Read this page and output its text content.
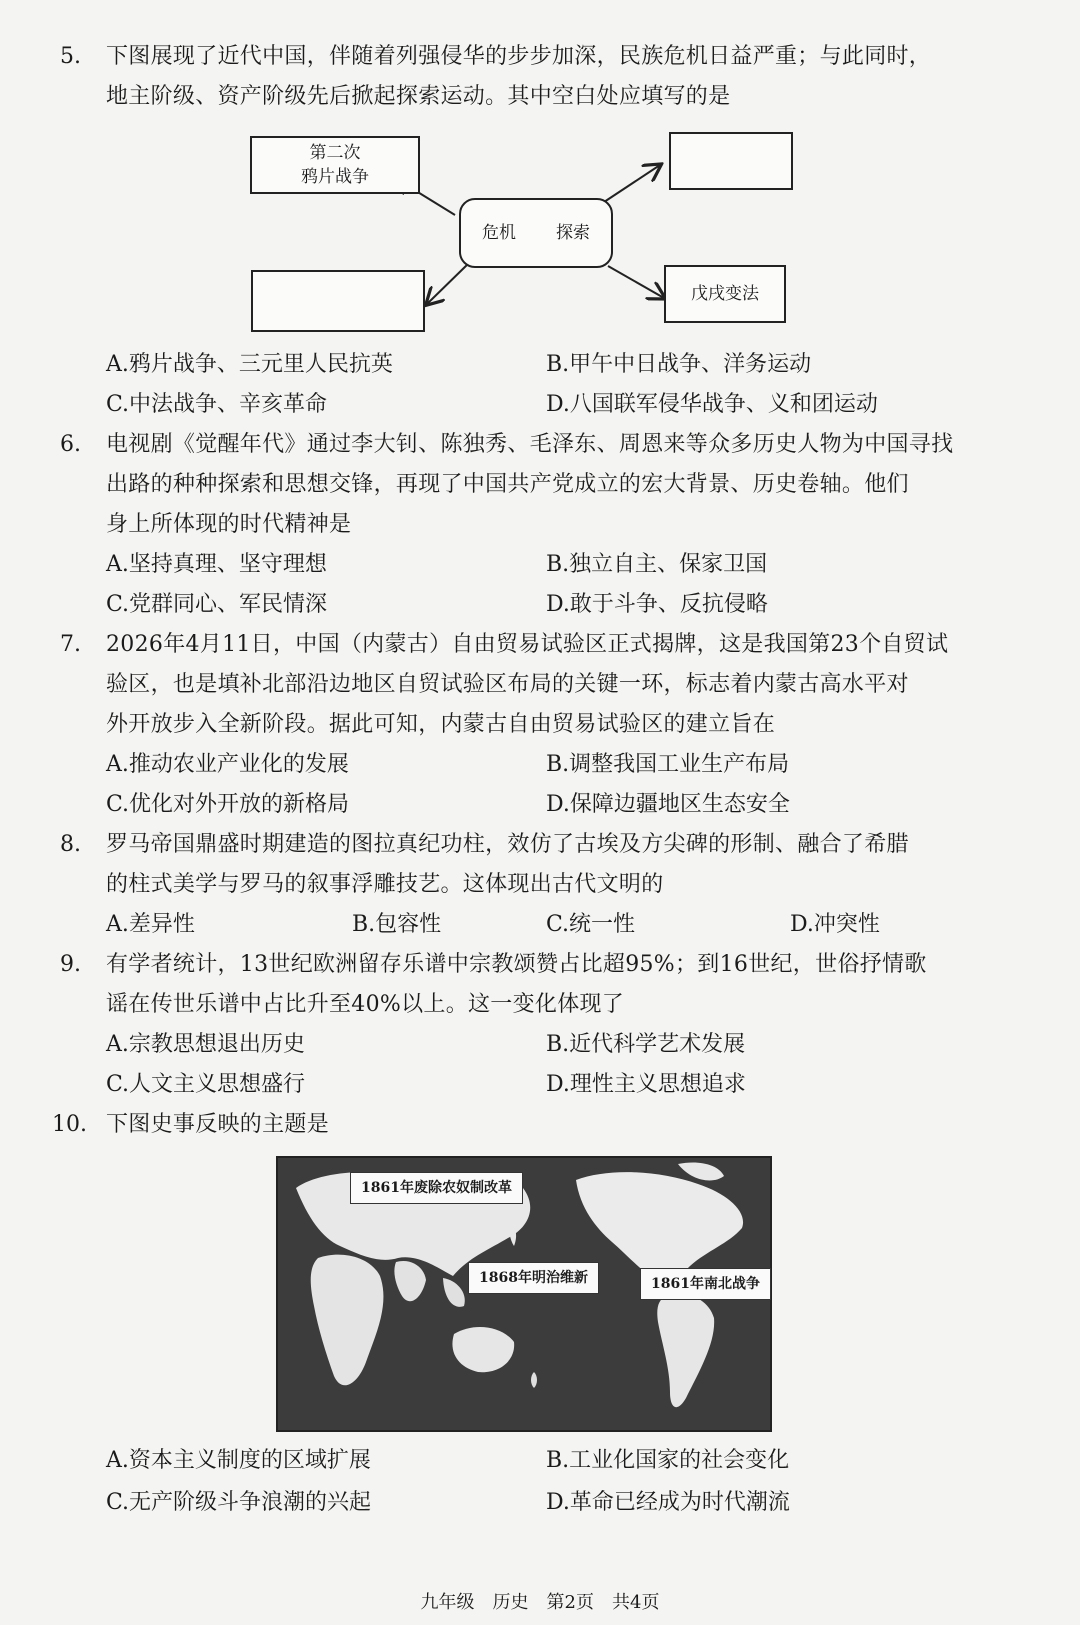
5. 下图展现了近代中国，伴随着列强侵华的步步加深，民族危机日益严重；与此同时，
地主阶级、资产阶级先后掀起探索运动。其中空白处应填写的是
第二次
鸦片战争
危机 探索
戊戌变法
A.鸦片战争、三元里人民抗英	B.甲午中日战争、洋务运动
C.中法战争、辛亥革命	D.八国联军侵华战争、义和团运动
6. 电视剧《觉醒年代》通过李大钊、陈独秀、毛泽东、周恩来等众多历史人物为中国寻找
出路的种种探索和思想交锋，再现了中国共产党成立的宏大背景、历史卷轴。他们
身上所体现的时代精神是
A.坚持真理、坚守理想	B.独立自主、保家卫国
C.党群同心、军民情深	D.敢于斗争、反抗侵略
7. 2026年4月11日，中国（内蒙古）自由贸易试验区正式揭牌，这是我国第23个自贸试
验区，也是填补北部沿边地区自贸试验区布局的关键一环，标志着内蒙古高水平对
外开放步入全新阶段。据此可知，内蒙古自由贸易试验区的建立旨在
A.推动农业产业化的发展	B.调整我国工业生产布局
C.优化对外开放的新格局	D.保障边疆地区生态安全
8. 罗马帝国鼎盛时期建造的图拉真纪功柱，效仿了古埃及方尖碑的形制、融合了希腊
的柱式美学与罗马的叙事浮雕技艺。这体现出古代文明的
A.差异性	B.包容性	C.统一性	D.冲突性
9. 有学者统计，13世纪欧洲留存乐谱中宗教颂赞占比超95%；到16世纪，世俗抒情歌
谣在传世乐谱中占比升至40%以上。这一变化体现了
A.宗教思想退出历史	B.近代科学艺术发展
C.人文主义思想盛行	D.理性主义思想追求
10. 下图史事反映的主题是
1861年废除农奴制改革
1868年明治维新	1861年南北战争
A.资本主义制度的区域扩展	B.工业化国家的社会变化
C.无产阶级斗争浪潮的兴起	D.革命已经成为时代潮流
九年级　历史　第2页　共4页
